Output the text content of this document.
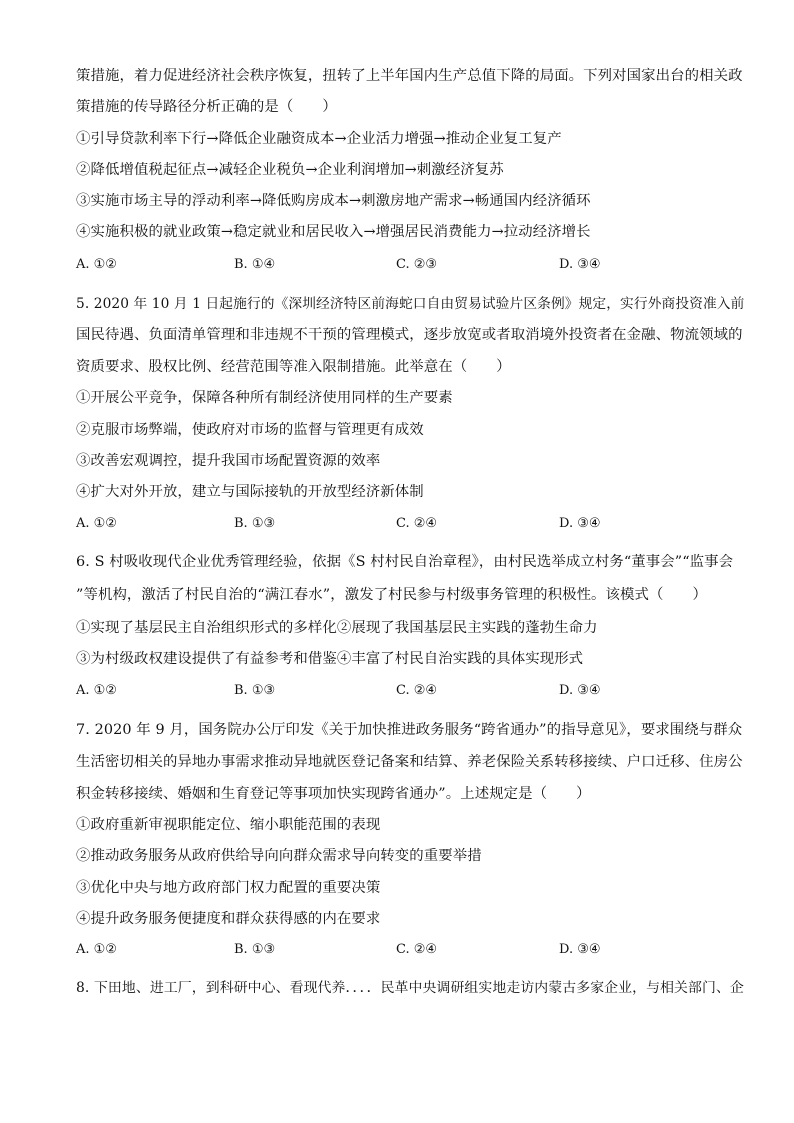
策措施，着力促进经济社会秩序恢复，扭转了上半年国内生产总值下降的局面。下列对国家出台的相关政
策措施的传导路径分析正确的是（　　）
①引导贷款利率下行→降低企业融资成本→企业活力增强→推动企业复工复产
②降低增值税起征点→减轻企业税负→企业利润增加→刺激经济复苏
③实施市场主导的浮动利率→降低购房成本→刺激房地产需求→畅通国内经济循环
④实施积极的就业政策→稳定就业和居民收入→增强居民消费能力→拉动经济增长
A. ①②	B. ①④	C. ②③	D. ③④
5. 2020 年 10 月 1 日起施行的《深圳经济特区前海蛇口自由贸易试验片区条例》规定，实行外商投资准入前
国民待遇、负面清单管理和非违规不干预的管理模式，逐步放宽或者取消境外投资者在金融、物流领域的
资质要求、股权比例、经营范围等准入限制措施。此举意在（　　）
①开展公平竞争，保障各种所有制经济使用同样的生产要素
②克服市场弊端，使政府对市场的监督与管理更有成效
③改善宏观调控，提升我国市场配置资源的效率
④扩大对外开放，建立与国际接轨的开放型经济新体制
A. ①②	B. ①③	C. ②④	D. ③④
6. S 村吸收现代企业优秀管理经验，依据《S 村村民自治章程》，由村民选举成立村务“董事会”“监事会
”等机构，激活了村民自治的“满江春水”，激发了村民参与村级事务管理的积极性。该模式（　　）
①实现了基层民主自治组织形式的多样化②展现了我国基层民主实践的蓬勃生命力
③为村级政权建设提供了有益参考和借鉴④丰富了村民自治实践的具体实现形式
A. ①②	B. ①③	C. ②④	D. ③④
7. 2020 年 9 月，国务院办公厅印发《关于加快推进政务服务“跨省通办”的指导意见》，要求围绕与群众
生活密切相关的异地办事需求推动异地就医登记备案和结算、养老保险关系转移接续、户口迁移、住房公
积金转移接续、婚姻和生育登记等事项加快实现跨省通办”。上述规定是（　　）
①政府重新审视职能定位、缩小职能范围的表现
②推动政务服务从政府供给导向向群众需求导向转变的重要举措
③优化中央与地方政府部门权力配置的重要决策
④提升政务服务便捷度和群众获得感的内在要求
A. ①②	B. ①③	C. ②④	D. ③④
8. 下田地、进工厂，到科研中心、看现代养．．．．民革中央调研组实地走访内蒙古多家企业，与相关部门、企
